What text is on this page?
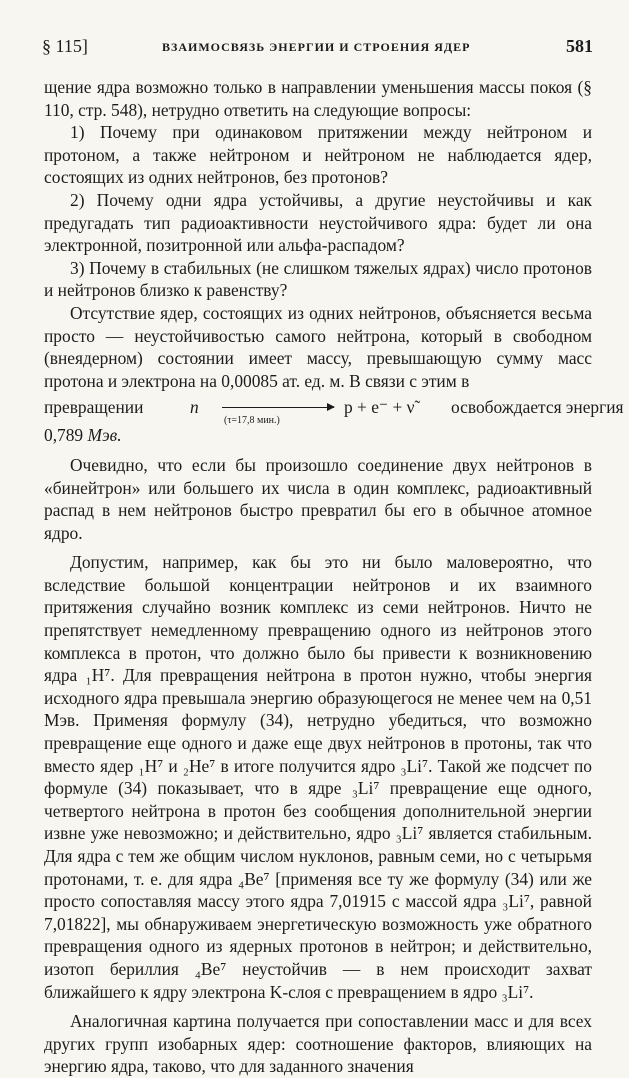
§ 115]	ВЗАИМОСВЯЗЬ ЭНЕРГИИ И СТРОЕНИЯ ЯДЕР	581

щение ядра возможно только в направлении уменьшения массы покоя (§ 110, стр. 548), нетрудно ответить на следующие вопросы:

1) Почему при одинаковом притяжении между нейтроном и протоном, а также нейтроном и нейтроном не наблюдается ядер, состоящих из одних нейтронов, без протонов?

2) Почему одни ядра устойчивы, а другие неустойчивы и как предугадать тип радиоактивности неустойчивого ядра: будет ли она электронной, позитронной или альфа-распадом?

3) Почему в стабильных (не слишком тяжелых ядрах) число протонов и нейтронов близко к равенству?

Отсутствие ядер, состоящих из одних нейтронов, объясняется весьма просто — неустойчивостью самого нейтрона, который в свободном (внеядерном) состоянии имеет массу, превышающую сумму масс протона и электрона на 0,00085 ат. ед. м. В связи с этим в

превращении	n
(τ=17,8 мин.)
p + e⁻ + ν̃ освобождается энергия

0,789 Мэв.

Очевидно, что если бы произошло соединение двух нейтронов в «бинейтрон» или большего их числа в один комплекс, радиоактивный распад в нем нейтронов быстро превратил бы его в обычное атомное ядро.

Допустим, например, как бы это ни было маловероятно, что вследствие большой концентрации нейтронов и их взаимного притяжения случайно возник комплекс из семи нейтронов. Ничто не препятствует немедленному превращению одного из нейтронов этого комплекса в протон, что должно было бы привести к возникновению ядра ₁H⁷. Для превращения нейтрона в протон нужно, чтобы энергия исходного ядра превышала энергию образующегося не менее чем на 0,51 Мэв. Применяя формулу (34), нетрудно убедиться, что возможно превращение еще одного и даже еще двух нейтронов в протоны, так что вместо ядер ₁H⁷ и ₂He⁷ в итоге получится ядро ₃Li⁷. Такой же подсчет по формуле (34) показывает, что в ядре ₃Li⁷ превращение еще одного, четвертого нейтрона в протон без сообщения дополнительной энергии извне уже невозможно; и действительно, ядро ₃Li⁷ является стабильным. Для ядра с тем же общим числом нуклонов, равным семи, но с четырьмя протонами, т. е. для ядра ₄Be⁷ [применяя все ту же формулу (34) или же просто сопоставляя массу этого ядра 7,01915 с массой ядра ₃Li⁷, равной 7,01822], мы обнаруживаем энергетическую возможность уже обратного превращения одного из ядерных протонов в нейтрон; и действительно, изотоп бериллия ₄Be⁷ неустойчив — в нем происходит захват ближайшего к ядру электрона K-слоя с превращением в ядро ₃Li⁷.

Аналогичная картина получается при сопоставлении масс и для всех других групп изобарных ядер: соотношение факторов, влияющих на энергию ядра, таково, что для заданного значения
